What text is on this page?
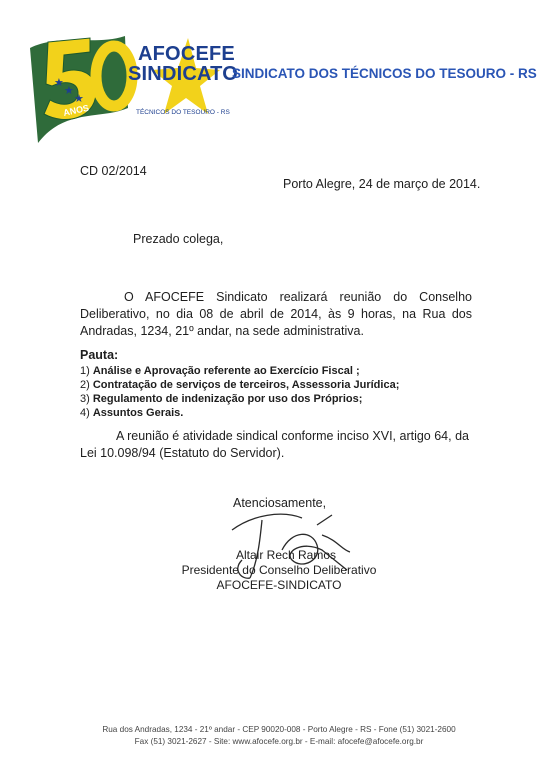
★
★
★
ANOS
AFOCEFE
SINDICATO
TÉCNICOS DO TESOURO - RS
SINDICATO DOS TÉCNICOS DO TESOURO - RS
CD 02/2014
Porto Alegre, 24 de março de 2014.
Prezado colega,
O AFOCEFE Sindicato realizará reunião do Conselho Deliberativo, no dia 08 de abril de 2014, às 9 horas, na Rua dos Andradas, 1234, 21º andar, na sede administrativa.
Pauta:
1) Análise e Aprovação referente ao Exercício Fiscal ;
2) Contratação de serviços de terceiros, Assessoria Jurídica;
3) Regulamento de indenização por uso dos Próprios;
4) Assuntos Gerais.
A reunião é atividade sindical conforme inciso XVI, artigo 64, da Lei 10.098/94 (Estatuto do Servidor).
Atenciosamente,
Altair Rech Ramos
Presidente do Conselho Deliberativo
AFOCEFE-SINDICATO
Rua dos Andradas, 1234 - 21º andar - CEP 90020-008 - Porto Alegre - RS - Fone (51) 3021-2600
Fax (51) 3021-2627 - Site: www.afocefe.org.br - E-mail: afocefe@afocefe.org.br
